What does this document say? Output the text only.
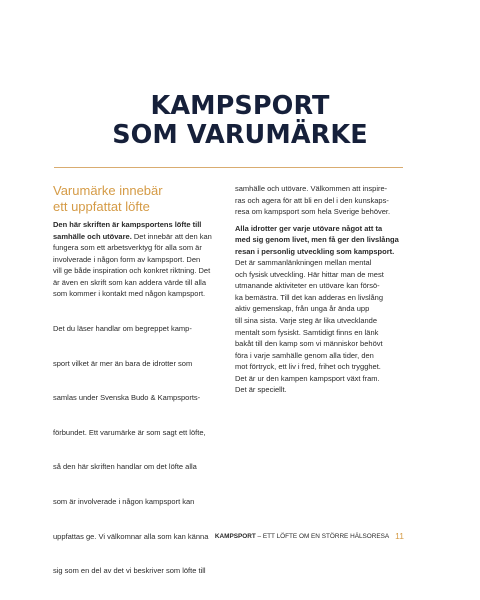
KAMPSPORT
SOM VARUMÄRKE
Varumärke innebär
ett uppfattat löfte
Den här skriften är kampsportens löfte till
samhälle och utövare. Det innebär att den kan
fungera som ett arbetsverktyg för alla som är
involverade i någon form av kampsport. Den
vill ge både inspiration och konkret riktning. Det
är även en skrift som kan addera värde till alla
som kommer i kontakt med någon kampsport.

Det du läser handlar om begreppet kamp-

sport vilket är mer än bara de idrotter som

samlas under Svenska Budo & Kampsports-

förbundet. Ett varumärke är som sagt ett löfte,

så den här skriften handlar om det löfte alla

som är involverade i någon kampsport kan

uppfattas ge. Vi välkomnar alla som kan känna

sig som en del av det vi beskriver som löfte till

samhälle och utövare. Välkommen att inspire-
ras och agera för att bli en del i den kunskaps-
resa om kampsport som hela Sverige behöver.
Alla idrotter ger varje utövare något att ta
med sig genom livet, men få ger den livslånga
resan i personlig utveckling som kampsport.
Det är sammanlänkningen mellan mental
och fysisk utveckling. Här hittar man de mest
utmanande aktiviteter en utövare kan försö-
ka bemästra. Till det kan adderas en livslång
aktiv gemenskap, från unga år ända upp
till sina sista. Varje steg är lika utvecklande
mentalt som fysiskt. Samtidigt finns en länk
bakåt till den kamp som vi människor behövt
föra i varje samhälle genom alla tider, den
mot förtryck, ett liv i fred, frihet och trygghet.
Det är ur den kampen kampsport växt fram.
Det är speciellt.
KAMPSPORT – ETT LÖFTE OM EN STÖRRE HÄLSORESA 11
